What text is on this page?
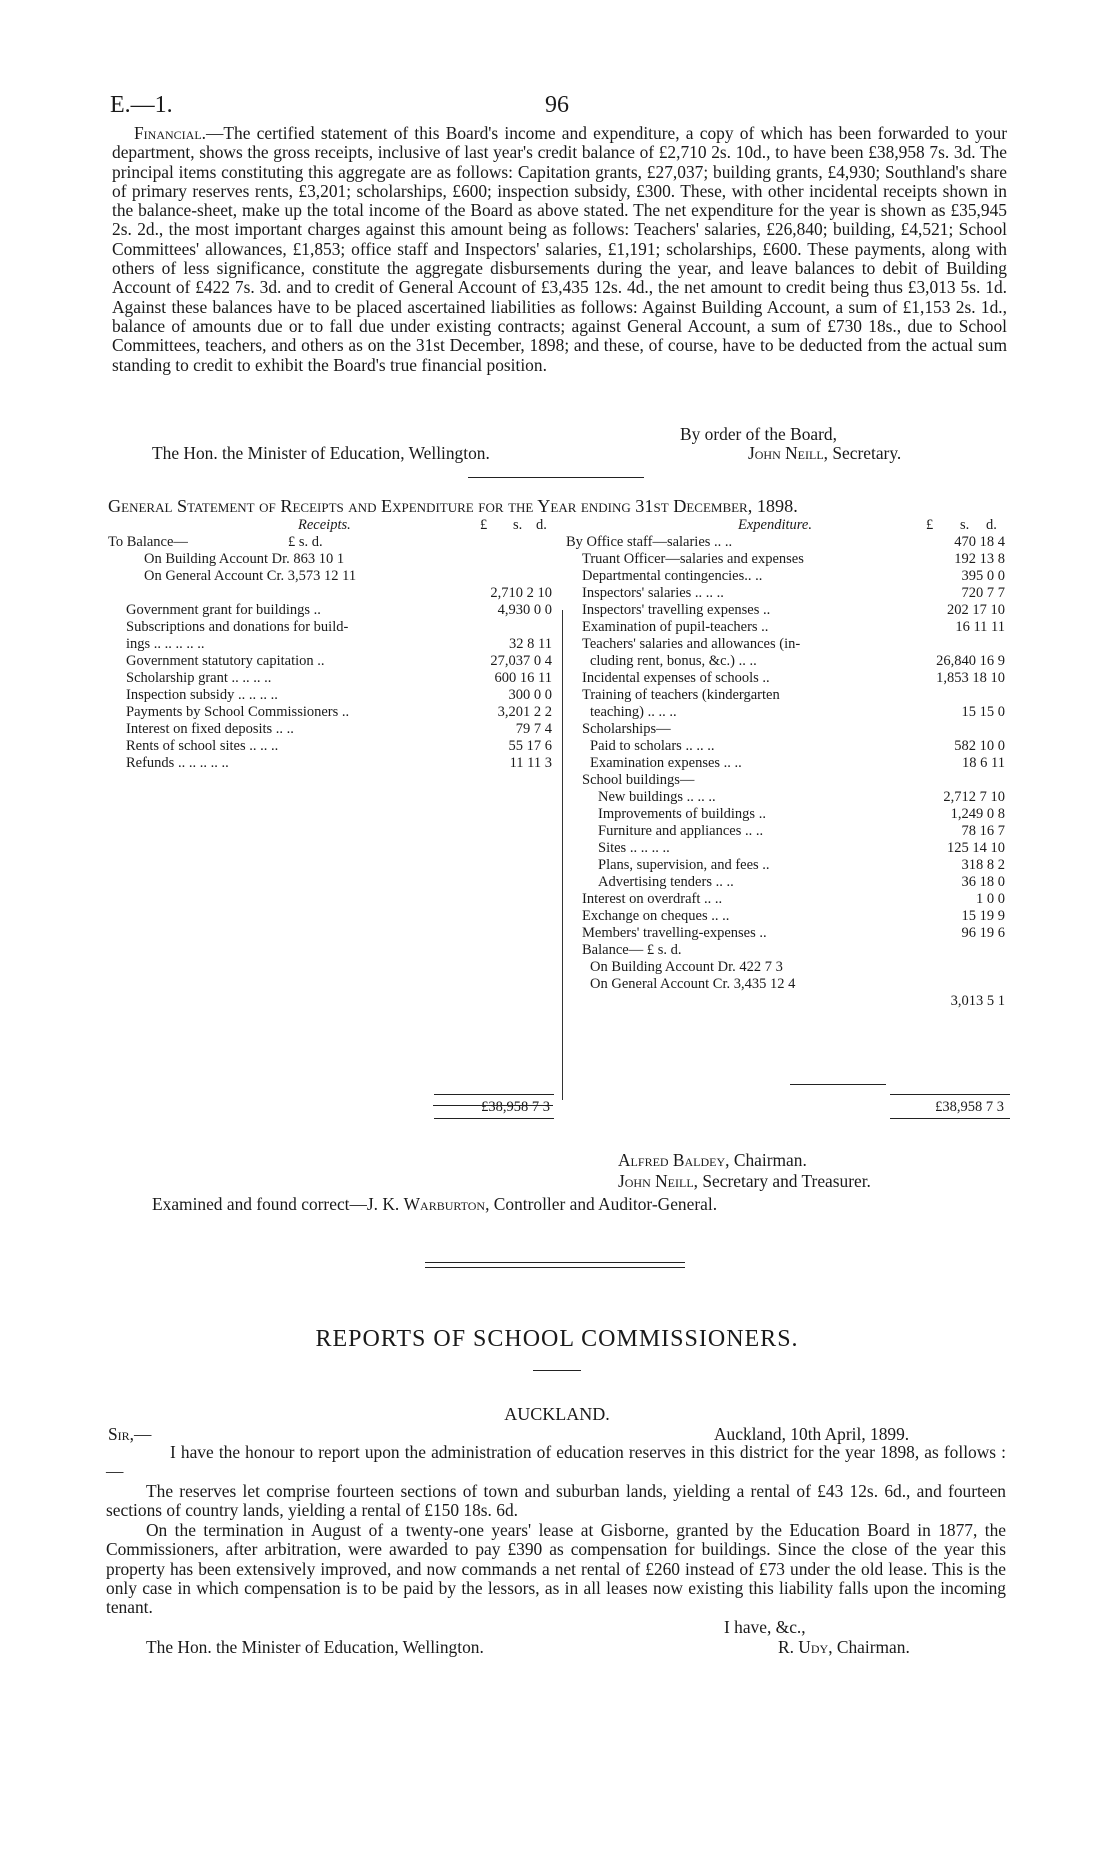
E.—1.	96
Financial.—The certified statement of this Board's income and expenditure, a copy of which has been forwarded to your department, shows the gross receipts, inclusive of last year's credit balance of £2,710 2s. 10d., to have been £38,958 7s. 3d. The principal items constituting this aggregate are as follows: Capitation grants, £27,037; building grants, £4,930; Southland's share of primary reserves rents, £3,201; scholarships, £600; inspection subsidy, £300. These, with other incidental receipts shown in the balance-sheet, make up the total income of the Board as above stated. The net expenditure for the year is shown as £35,945 2s. 2d., the most important charges against this amount being as follows: Teachers' salaries, £26,840; building, £4,521; School Committees' allowances, £1,853; office staff and Inspectors' salaries, £1,191; scholarships, £600. These payments, along with others of less significance, constitute the aggregate disbursements during the year, and leave balances to debit of Building Account of £422 7s. 3d. and to credit of General Account of £3,435 12s. 4d., the net amount to credit being thus £3,013 5s. 1d. Against these balances have to be placed ascertained liabilities as follows: Against Building Account, a sum of £1,153 2s. 1d., balance of amounts due or to fall due under existing contracts; against General Account, a sum of £730 18s., due to School Committees, teachers, and others as on the 31st December, 1898; and these, of course, have to be deducted from the actual sum standing to credit to exhibit the Board's true financial position.
By order of the Board,
The Hon. the Minister of Education, Wellington.	John Neill, Secretary.
General Statement of Receipts and Expenditure for the Year ending 31st December, 1898.
Receipts.	£ s. d.
To Balance—	£ s. d.
On Building Account Dr. 863 10 1
On General Account Cr. 3,573 12 11
2,710 2 10
Government grant for buildings ..	4,930 0 0
Subscriptions and donations for build-
ings .. .. .. .. ..	32 8 11
Government statutory capitation ..	27,037 0 4
Scholarship grant .. .. .. ..	600 16 11
Inspection subsidy .. .. .. ..	300 0 0
Payments by School Commissioners ..	3,201 2 2
Interest on fixed deposits .. ..	79 7 4
Rents of school sites .. .. ..	55 17 6
Refunds .. .. .. .. ..	11 11 3
£38,958 7 3
Expenditure.	£ s. d.
By Office staff—salaries .. ..	470 18 4
Truant Officer—salaries and expenses	192 13 8
Departmental contingencies.. ..	395 0 0
Inspectors' salaries .. .. ..	720 7 7
Inspectors' travelling expenses ..	202 17 10
Examination of pupil-teachers ..	16 11 11
Teachers' salaries and allowances (in-
cluding rent, bonus, &c.) .. ..	26,840 16 9
Incidental expenses of schools ..	1,853 18 10
Training of teachers (kindergarten
teaching) .. .. ..	15 15 0
Scholarships—
Paid to scholars .. .. ..	582 10 0
Examination expenses .. ..	18 6 11
School buildings—
New buildings .. .. ..	2,712 7 10
Improvements of buildings ..	1,249 0 8
Furniture and appliances .. ..	78 16 7
Sites .. .. .. ..	125 14 10
Plans, supervision, and fees ..	318 8 2
Advertising tenders .. ..	36 18 0
Interest on overdraft .. ..	1 0 0
Exchange on cheques .. ..	15 19 9
Members' travelling-expenses ..	96 19 6
Balance— £ s. d.
On Building Account Dr. 422 7 3
On General Account Cr. 3,435 12 4
3,013 5 1
£38,958 7 3
Alfred Baldey, Chairman.
John Neill, Secretary and Treasurer.
Examined and found correct—J. K. Warburton, Controller and Auditor-General.
REPORTS OF SCHOOL COMMISSIONERS.
AUCKLAND.
Sir,—	Auckland, 10th April, 1899.
I have the honour to report upon the administration of education reserves in this district for the year 1898, as follows :—
The reserves let comprise fourteen sections of town and suburban lands, yielding a rental of £43 12s. 6d., and fourteen sections of country lands, yielding a rental of £150 18s. 6d.
On the termination in August of a twenty-one years' lease at Gisborne, granted by the Education Board in 1877, the Commissioners, after arbitration, were awarded to pay £390 as compensation for buildings. Since the close of the year this property has been extensively improved, and now commands a net rental of £260 instead of £73 under the old lease. This is the only case in which compensation is to be paid by the lessors, as in all leases now existing this liability falls upon the incoming tenant.
I have, &c.,
The Hon. the Minister of Education, Wellington.	R. Udy, Chairman.
